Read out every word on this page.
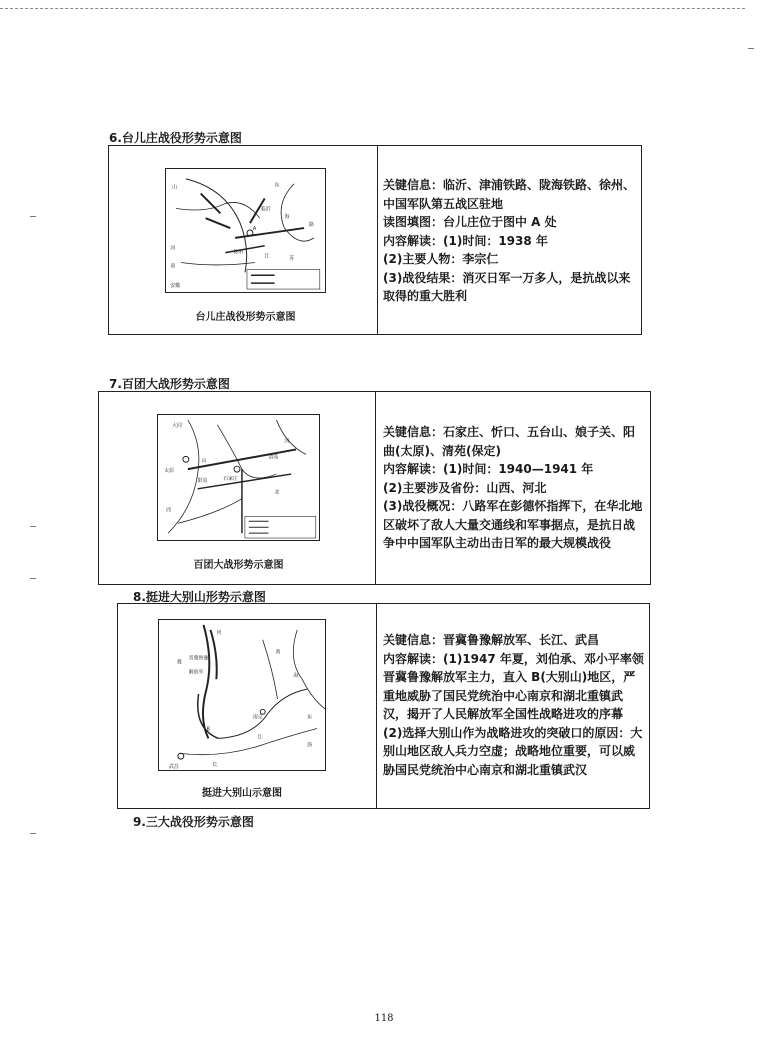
6.台儿庄战役形势示意图
山	东
临沂
徐州
江	苏
河
南
安徽
A
海
路
台儿庄战役形势示意图

关键信息：临沂、津浦铁路、陇海铁路、徐州、

中国军队第五战区驻地

读图填图：台儿庄位于图中 A 处

内容解读：(1)时间：1938 年

(2)主要人物：李宗仁

(3)战役结果：消灭日军一万多人，是抗战以来

取得的重大胜利

7.百团大战形势示意图
大同
山
河
北
太原
阳泉	石家庄
清苑
西
百团大战形势示意图

关键信息：石家庄、忻口、五台山、娘子关、阳

曲(太原)、清苑(保定)

内容解读：(1)时间：1940—1941 年

(2)主要涉及省份：山西、河北

(3)战役概况：八路军在彭德怀指挥下，在华北地

区破坏了敌人大量交通线和军事据点，是抗日战

争中中国军队主动出击日军的最大规模战役

8.挺进大别山形势示意图
河
晋冀鲁豫
解放军
黄
海
南京
B
江
东
海
武昌	长
冀
挺进大别山示意图

关键信息：晋冀鲁豫解放军、长江、武昌

内容解读：(1)1947 年夏，刘伯承、邓小平率领

晋冀鲁豫解放军主力，直入 B(大别山)地区，严

重地威胁了国民党统治中心南京和湖北重镇武

汉，揭开了人民解放军全国性战略进攻的序幕

(2)选择大别山作为战略进攻的突破口的原因：大

别山地区敌人兵力空虚；战略地位重要，可以威

胁国民党统治中心南京和湖北重镇武汉

9.三大战役形势示意图
118
